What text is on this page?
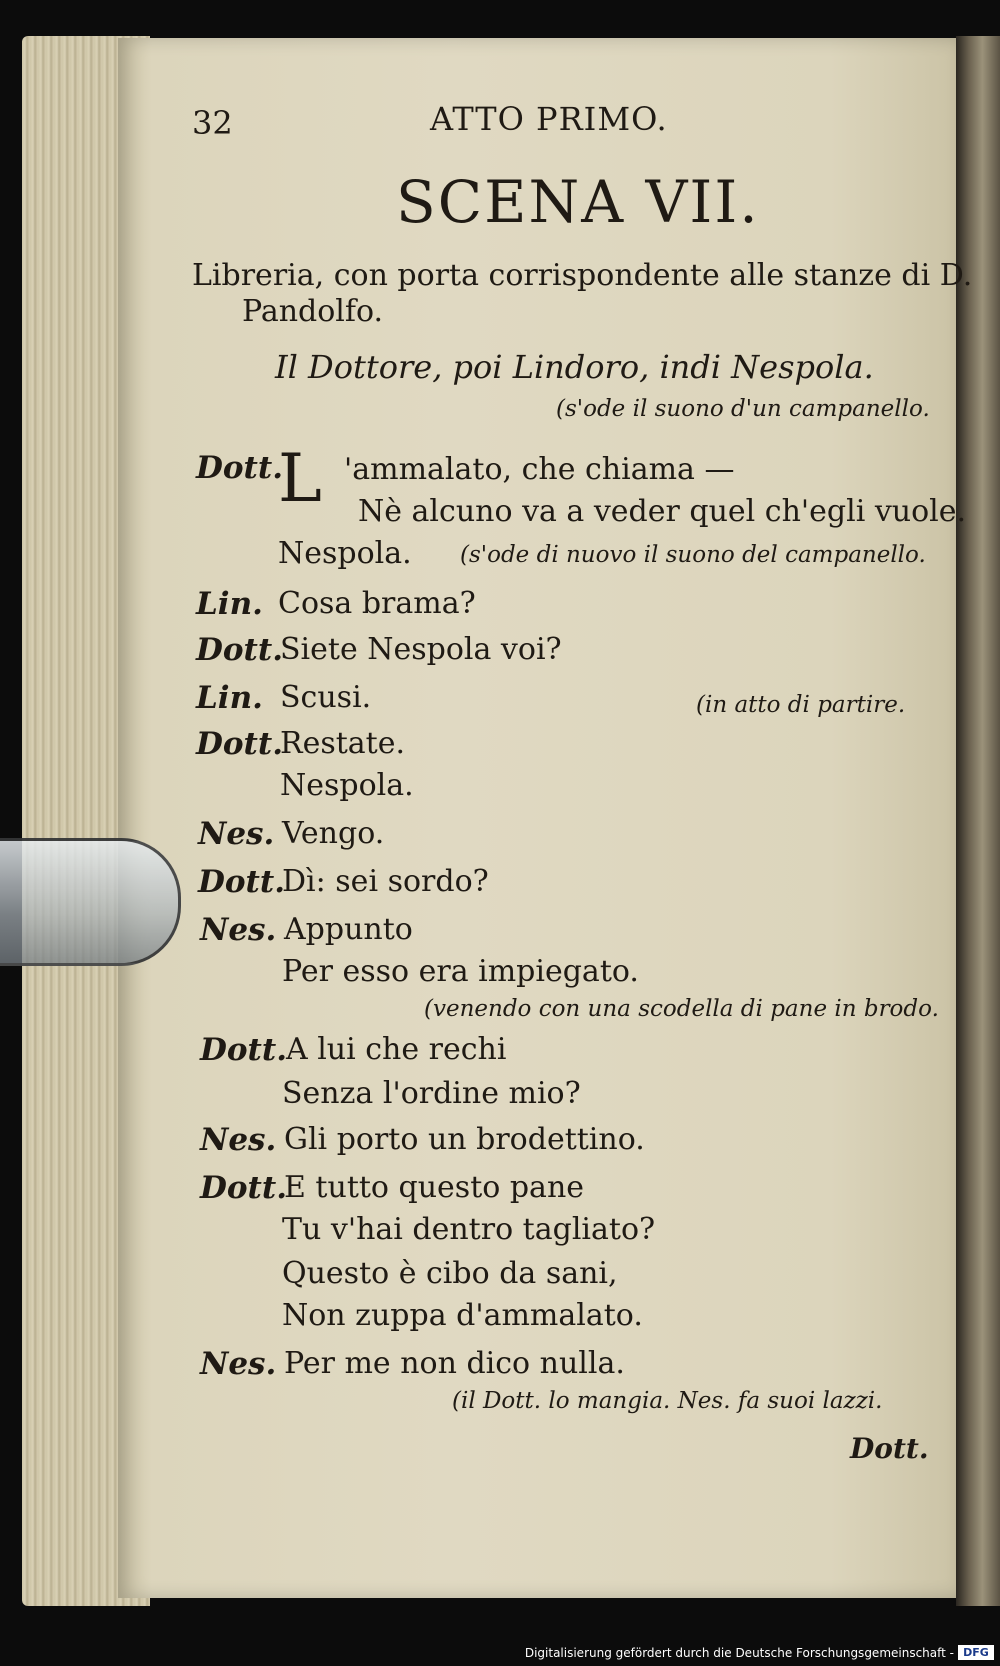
32	ATTO PRIMO.
SCENA VII.
Libreria, con porta corrispondente alle stanze di D.
Pandolfo.
Il Dottore, poi Lindoro, indi Nespola.
(s'ode il suono d'un campanello.
Dott.
L 'ammalato, che chiama —
Nè alcuno va a veder quel ch'egli vuole.
Nespola. (s'ode di nuovo il suono del campanello.
Lin. Cosa brama?
Dott.
Siete Nespola voi?
Lin. Scusi.	(in atto di partire.
Dott.
Restate.
Nespola.
Nes. Vengo.
Dott.
Dì: sei sordo?
Nes. Appunto
Per esso era impiegato.
(venendo con una scodella di pane in brodo.
Dott. A lui che rechi
Senza l'ordine mio?
Nes. Gli porto un brodettino.
Dott.
E tutto questo pane
Tu v'hai dentro tagliato?
Questo è cibo da sani,
Non zuppa d'ammalato.
Nes. Per me non dico nulla.
(il Dott. lo mangia. Nes. fa suoi lazzi.
Dott.
Digitalisierung gefördert durch die Deutsche Forschungsgemeinschaft - DFG
